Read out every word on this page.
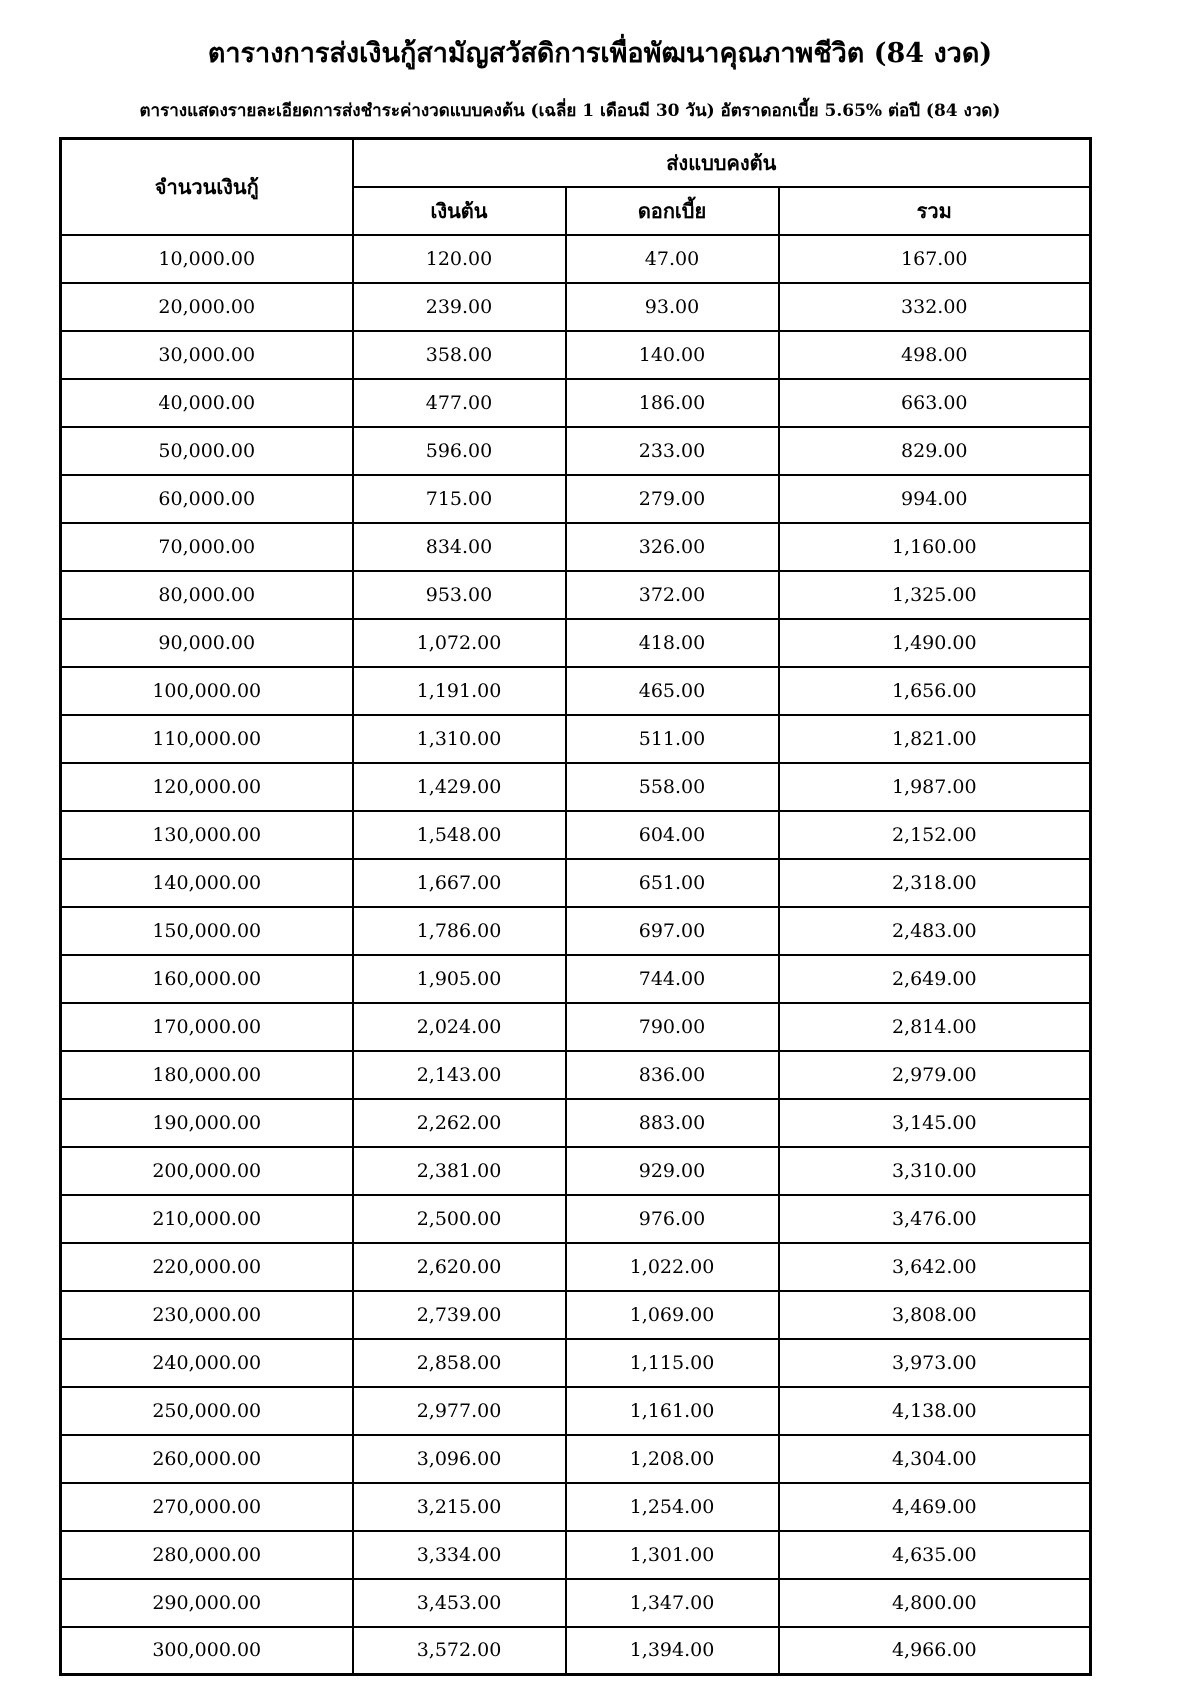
ตารางการส่งเงินกู้สามัญสวัสดิการเพื่อพัฒนาคุณภาพชีวิต (84 งวด)
ตารางแสดงรายละเอียดการส่งชำระค่างวดแบบคงต้น (เฉลี่ย 1 เดือนมี 30 วัน) อัตราดอกเบี้ย 5.65% ต่อปี (84 งวด)
จำนวนเงินกู้	ส่งแบบคงต้น		
	เงินต้น	ดอกเบี้ย	รวม
10,000.00	120.00	47.00	167.00
20,000.00	239.00	93.00	332.00
30,000.00	358.00	140.00	498.00
40,000.00	477.00	186.00	663.00
50,000.00	596.00	233.00	829.00
60,000.00	715.00	279.00	994.00
70,000.00	834.00	326.00	1,160.00
80,000.00	953.00	372.00	1,325.00
90,000.00	1,072.00	418.00	1,490.00
100,000.00	1,191.00	465.00	1,656.00
110,000.00	1,310.00	511.00	1,821.00
120,000.00	1,429.00	558.00	1,987.00
130,000.00	1,548.00	604.00	2,152.00
140,000.00	1,667.00	651.00	2,318.00
150,000.00	1,786.00	697.00	2,483.00
160,000.00	1,905.00	744.00	2,649.00
170,000.00	2,024.00	790.00	2,814.00
180,000.00	2,143.00	836.00	2,979.00
190,000.00	2,262.00	883.00	3,145.00
200,000.00	2,381.00	929.00	3,310.00
210,000.00	2,500.00	976.00	3,476.00
220,000.00	2,620.00	1,022.00	3,642.00
230,000.00	2,739.00	1,069.00	3,808.00
240,000.00	2,858.00	1,115.00	3,973.00
250,000.00	2,977.00	1,161.00	4,138.00
260,000.00	3,096.00	1,208.00	4,304.00
270,000.00	3,215.00	1,254.00	4,469.00
280,000.00	3,334.00	1,301.00	4,635.00
290,000.00	3,453.00	1,347.00	4,800.00
300,000.00	3,572.00	1,394.00	4,966.00
